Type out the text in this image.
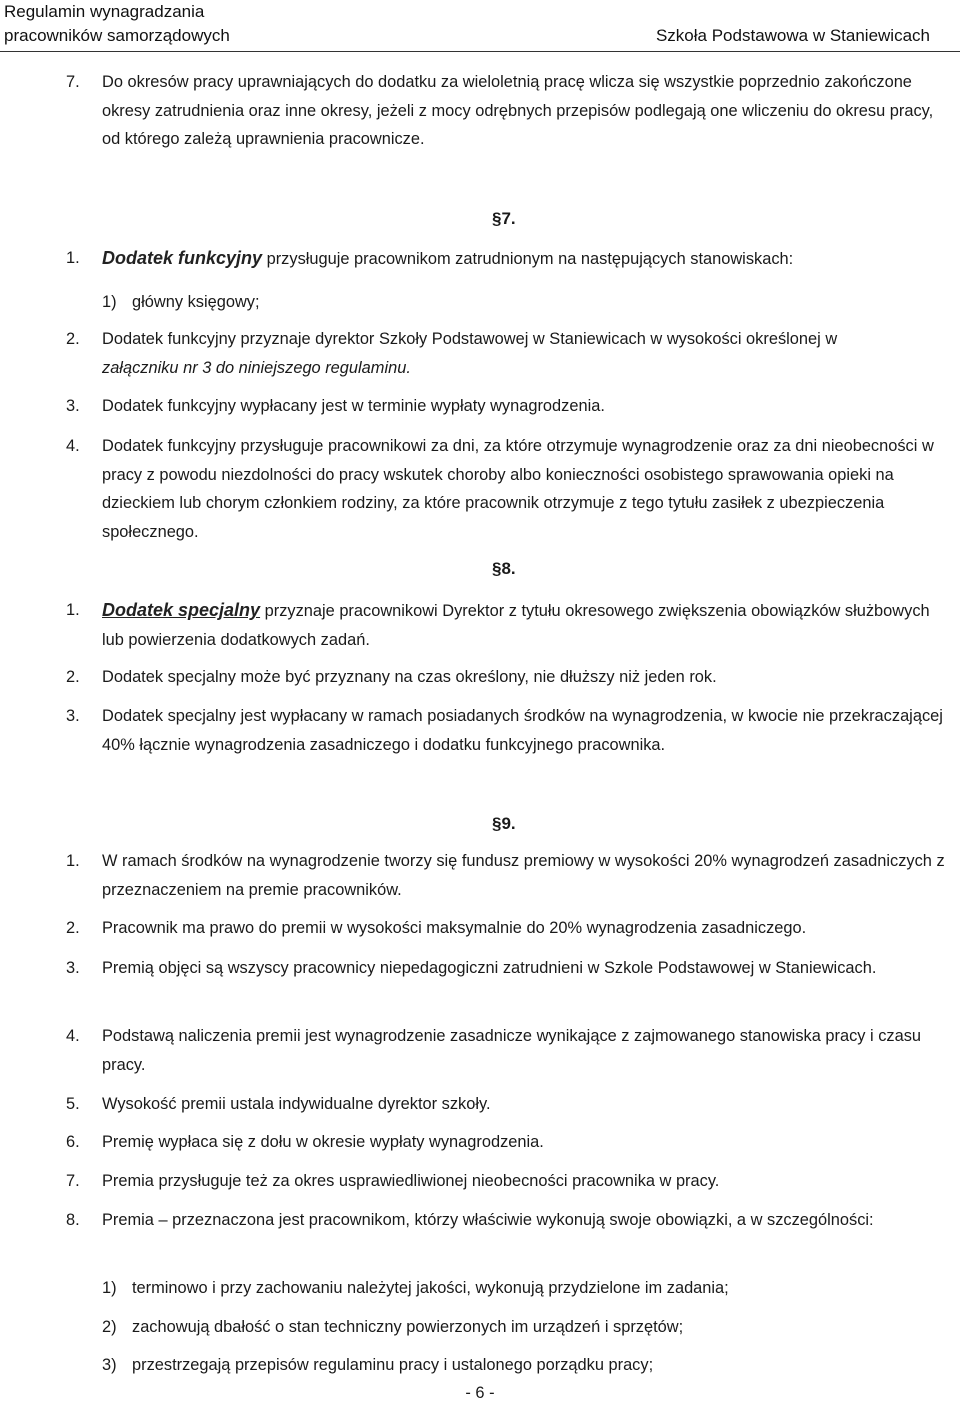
Regulamin wynagradzania
pracowników samorządowych	Szkoła Podstawowa w Staniewicach
7. Do okresów pracy uprawniających do dodatku za wieloletnią pracę wlicza się wszystkie poprzednio zakończone okresy zatrudnienia oraz inne okresy, jeżeli z mocy odrębnych przepisów podlegają one wliczeniu do okresu pracy, od którego zależą uprawnienia pracownicze.
§7.
1. Dodatek funkcyjny przysługuje pracownikom zatrudnionym na następujących stanowiskach:
1) główny księgowy;
2. Dodatek funkcyjny przyznaje dyrektor Szkoły Podstawowej w Staniewicach w wysokości określonej w
załączniku nr 3 do niniejszego regulaminu.
3. Dodatek funkcyjny wypłacany jest w terminie wypłaty wynagrodzenia.
4. Dodatek funkcyjny przysługuje pracownikowi za dni, za które otrzymuje wynagrodzenie oraz za dni nieobecności w pracy z powodu niezdolności do pracy wskutek choroby albo konieczności osobistego sprawowania opieki na dzieckiem lub chorym członkiem rodziny, za które pracownik otrzymuje z tego tytułu zasiłek z ubezpieczenia społecznego.
§8.
1. Dodatek specjalny przyznaje pracownikowi Dyrektor z tytułu okresowego zwiększenia obowiązków służbowych lub powierzenia dodatkowych zadań.
2. Dodatek specjalny może być przyznany na czas określony, nie dłuższy niż jeden rok.
3. Dodatek specjalny jest wypłacany w ramach posiadanych środków na wynagrodzenia, w kwocie nie przekraczającej 40% łącznie wynagrodzenia zasadniczego i dodatku funkcyjnego pracownika.
§9.
1. W ramach środków na wynagrodzenie tworzy się fundusz premiowy w wysokości 20% wynagrodzeń zasadniczych z przeznaczeniem na premie pracowników.
2. Pracownik ma prawo do premii w wysokości maksymalnie do 20% wynagrodzenia zasadniczego.
3. Premią objęci są wszyscy pracownicy niepedagogiczni zatrudnieni w Szkole Podstawowej w Staniewicach.
4. Podstawą naliczenia premii jest wynagrodzenie zasadnicze wynikające z zajmowanego stanowiska pracy i czasu pracy.
5. Wysokość premii ustala indywidualne dyrektor szkoły.
6. Premię wypłaca się z dołu w okresie wypłaty wynagrodzenia.
7. Premia przysługuje też za okres usprawiedliwionej nieobecności pracownika w pracy.
8. Premia – przeznaczona jest pracownikom, którzy właściwie wykonują swoje obowiązki, a w szczególności:
1) terminowo i przy zachowaniu należytej jakości, wykonują przydzielone im zadania;
2) zachowują dbałość o stan techniczny powierzonych im urządzeń i sprzętów;
3) przestrzegają przepisów regulaminu pracy i ustalonego porządku pracy;
- 6 -
